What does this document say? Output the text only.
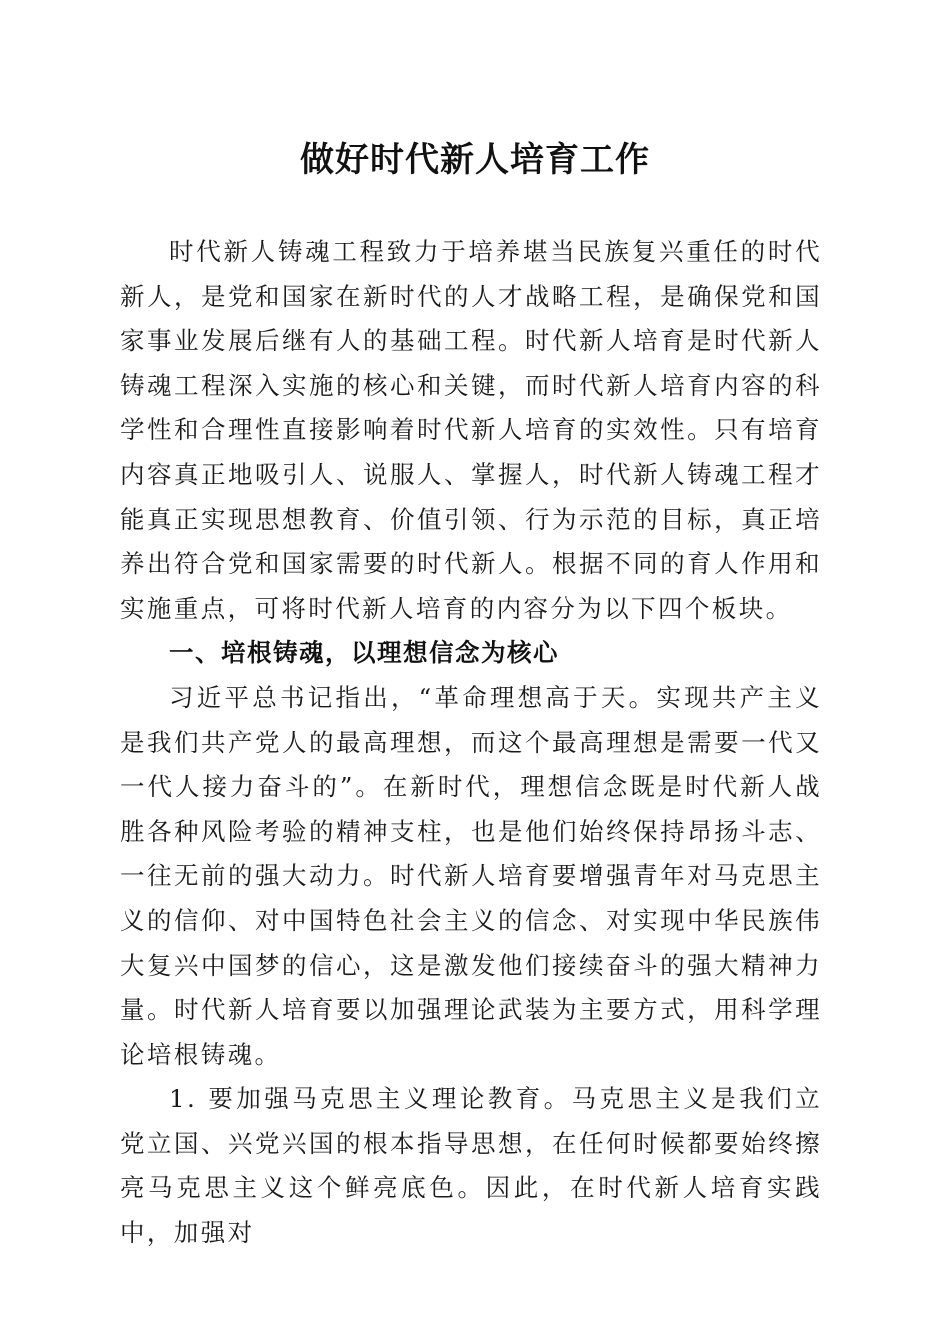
做好时代新人培育工作

时代新人铸魂工程致力于培养堪当民族复兴重任的时代新人，是党和国家在新时代的人才战略工程，是确保党和国家事业发展后继有人的基础工程。时代新人培育是时代新人铸魂工程深入实施的核心和关键，而时代新人培育内容的科学性和合理性直接影响着时代新人培育的实效性。只有培育内容真正地吸引人、说服人、掌握人，时代新人铸魂工程才能真正实现思想教育、价值引领、行为示范的目标，真正培养出符合党和国家需要的时代新人。根据不同的育人作用和实施重点，可将时代新人培育的内容分为以下四个板块。

一、培根铸魂，以理想信念为核心

习近平总书记指出，“革命理想高于天。实现共产主义是我们共产党人的最高理想，而这个最高理想是需要一代又一代人接力奋斗的”。在新时代，理想信念既是时代新人战胜各种风险考验的精神支柱，也是他们始终保持昂扬斗志、一往无前的强大动力。时代新人培育要增强青年对马克思主义的信仰、对中国特色社会主义的信念、对实现中华民族伟大复兴中国梦的信心，这是激发他们接续奋斗的强大精神力量。时代新人培育要以加强理论武装为主要方式，用科学理论培根铸魂。

1. 要加强马克思主义理论教育。马克思主义是我们立党立国、兴党兴国的根本指导思想，在任何时候都要始终擦亮马克思主义这个鲜亮底色。因此，在时代新人培育实践中，加强对
